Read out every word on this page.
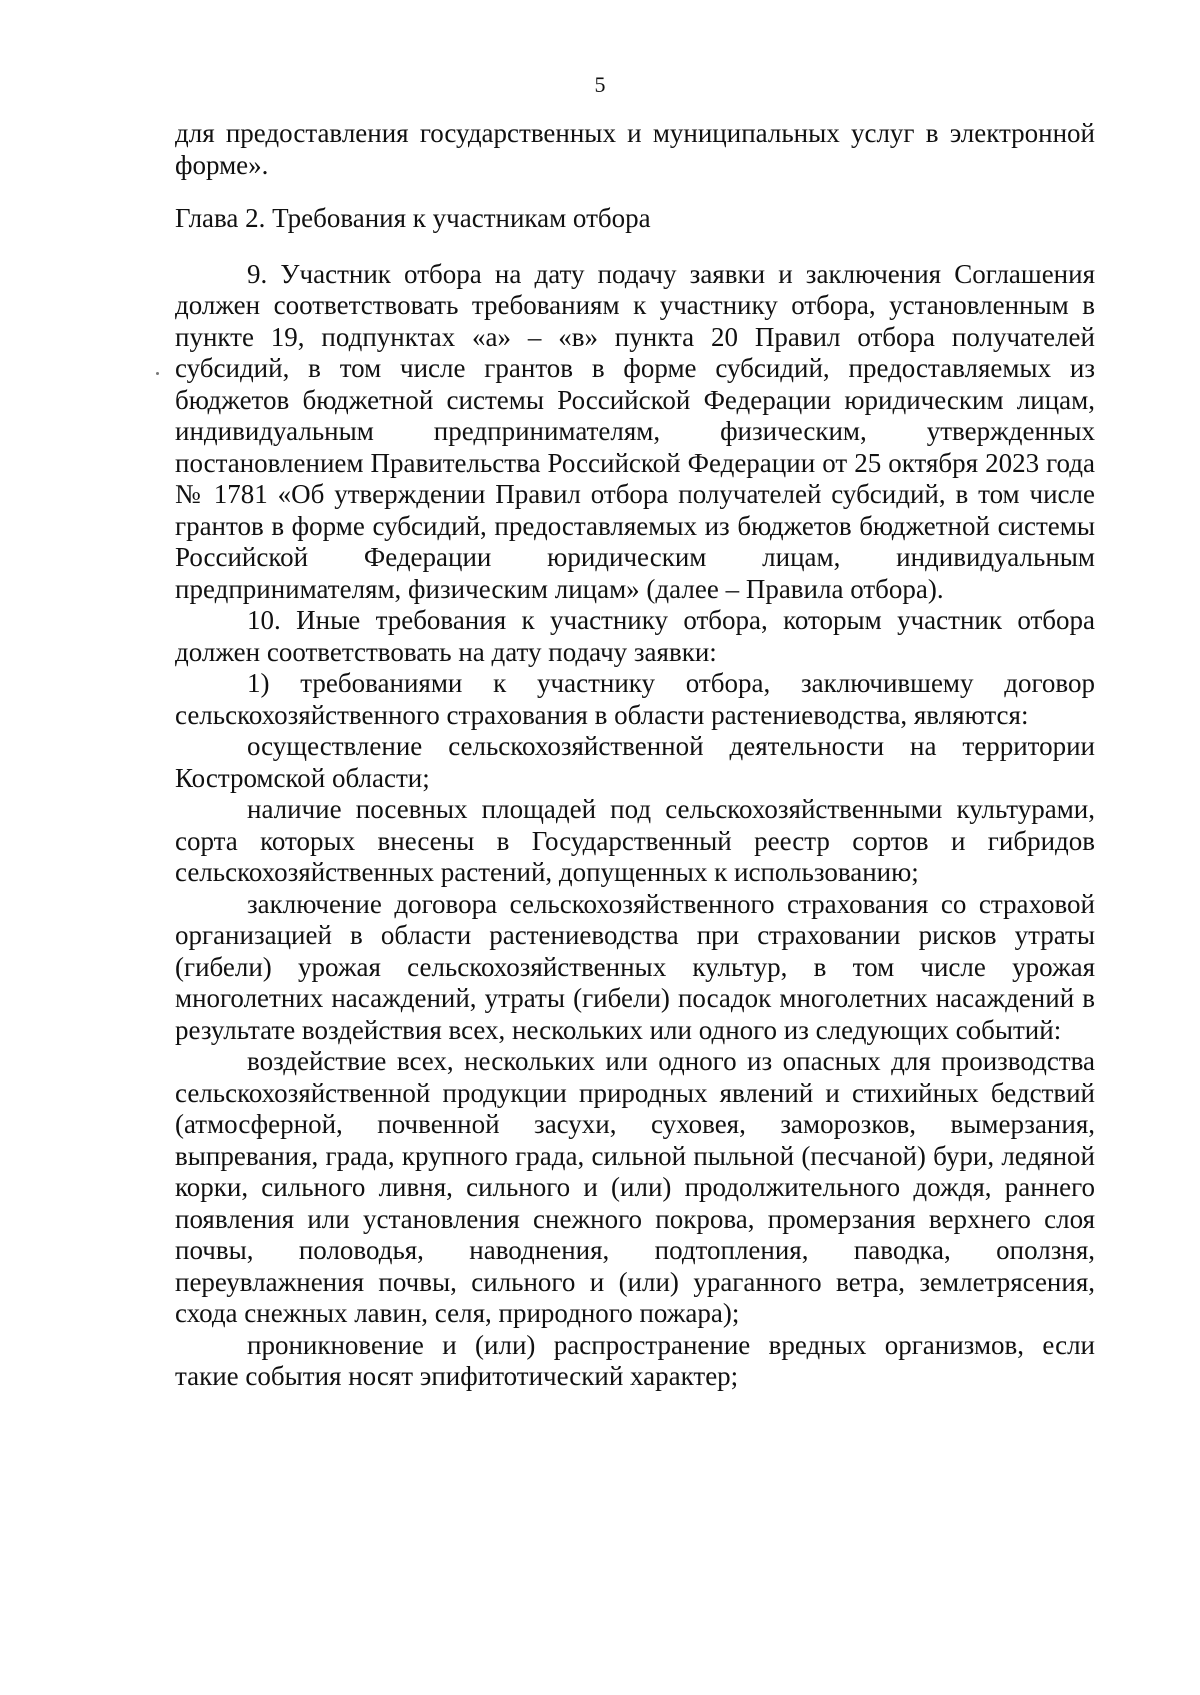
5

для предоставления государственных и муниципальных услуг в электронной форме».

Глава 2. Требования к участникам отбора

9. Участник отбора на дату подачу заявки и заключения Соглашения должен соответствовать требованиям к участнику отбора, установленным в пункте 19, подпунктах «а» – «в» пункта 20 Правил отбора получателей субсидий, в том числе грантов в форме субсидий, предоставляемых из бюджетов бюджетной системы Российской Федерации юридическим лицам, индивидуальным предпринимателям, физическим, утвержденных постановлением Правительства Российской Федерации от 25 октября 2023 года № 1781 «Об утверждении Правил отбора получателей субсидий, в том числе грантов в форме субсидий, предоставляемых из бюджетов бюджетной системы Российской Федерации юридическим лицам, индивидуальным предпринимателям, физическим лицам» (далее – Правила отбора).

10. Иные требования к участнику отбора, которым участник отбора должен соответствовать на дату подачу заявки:

1) требованиями к участнику отбора, заключившему договор сельскохозяйственного страхования в области растениеводства, являются:

осуществление сельскохозяйственной деятельности на территории Костромской области;

наличие посевных площадей под сельскохозяйственными культурами, сорта которых внесены в Государственный реестр сортов и гибридов сельскохозяйственных растений, допущенных к использованию;

заключение договора сельскохозяйственного страхования со страховой организацией в области растениеводства при страховании рисков утраты (гибели) урожая сельскохозяйственных культур, в том числе урожая многолетних насаждений, утраты (гибели) посадок многолетних насаждений в результате воздействия всех, нескольких или одного из следующих событий:

воздействие всех, нескольких или одного из опасных для производства сельскохозяйственной продукции природных явлений и стихийных бедствий (атмосферной, почвенной засухи, суховея, заморозков, вымерзания, выпревания, града, крупного града, сильной пыльной (песчаной) бури, ледяной корки, сильного ливня, сильного и (или) продолжительного дождя, раннего появления или установления снежного покрова, промерзания верхнего слоя почвы, половодья, наводнения, подтопления, паводка, оползня, переувлажнения почвы, сильного и (или) ураганного ветра, землетрясения, схода снежных лавин, селя, природного пожара);

проникновение и (или) распространение вредных организмов, если такие события носят эпифитотический характер;
